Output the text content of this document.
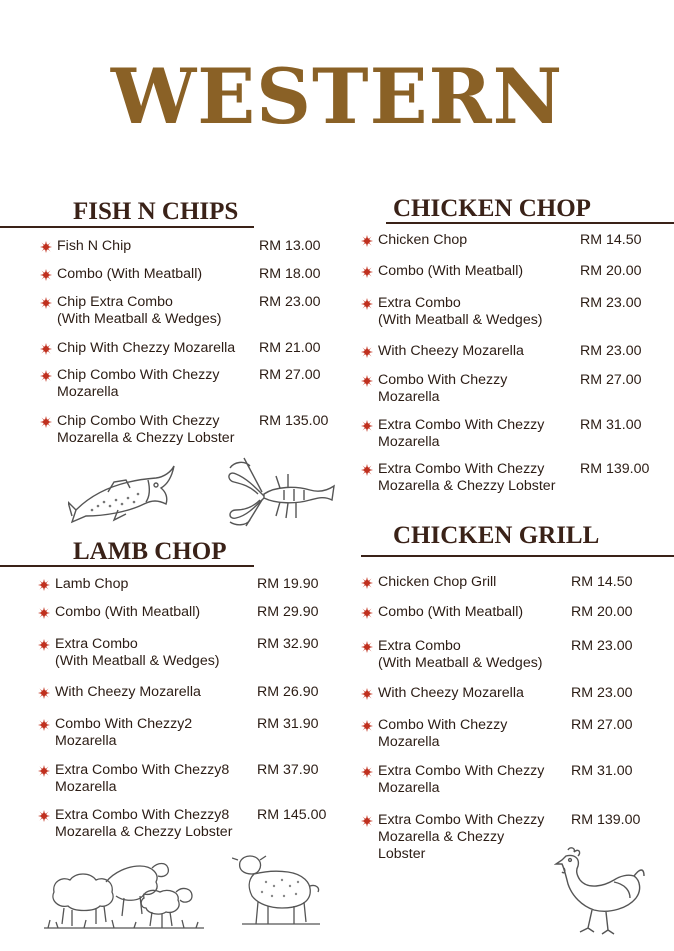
WESTERN
FISH N CHIPS	CHICKEN CHOP
LAMB CHOP
CHICKEN GRILL
Fish N Chip	RM 13.00
Combo (With Meatball)	RM 18.00
Chip Extra Combo
(With Meatball & Wedges)
RM 23.00
Chip With Chezzy Mozarella RM 21.00
Chip Combo With Chezzy
Mozarella
RM 27.00
Chip Combo With Chezzy
Mozarella & Chezzy Lobster
RM 135.00
Lamb Chop	RM 19.90
Combo (With Meatball)	RM 29.90
Extra Combo
(With Meatball & Wedges)
RM 32.90
With Cheezy Mozarella	RM 26.90
Combo With Chezzy2
Mozarella
RM 31.90
Extra Combo With Chezzy8
Mozarella
RM 37.90
Extra Combo With Chezzy8
Mozarella & Chezzy Lobster
RM 145.00
Chicken Chop	RM 14.50
Combo (With Meatball)	RM 20.00
Extra Combo
(With Meatball & Wedges)
RM 23.00
With Cheezy Mozarella	RM 23.00
Combo With Chezzy
Mozarella
RM 27.00
Extra Combo With Chezzy
Mozarella
RM 31.00
Extra Combo With Chezzy
Mozarella & Chezzy Lobster
RM 139.00
Chicken Chop Grill	RM 14.50
Combo (With Meatball)	RM 20.00
Extra Combo
(With Meatball & Wedges)
RM 23.00
With Cheezy Mozarella	RM 23.00
Combo With Chezzy
Mozarella
RM 27.00
Extra Combo With Chezzy
Mozarella
RM 31.00
Extra Combo With Chezzy
Mozarella & Chezzy
Lobster
RM 139.00
